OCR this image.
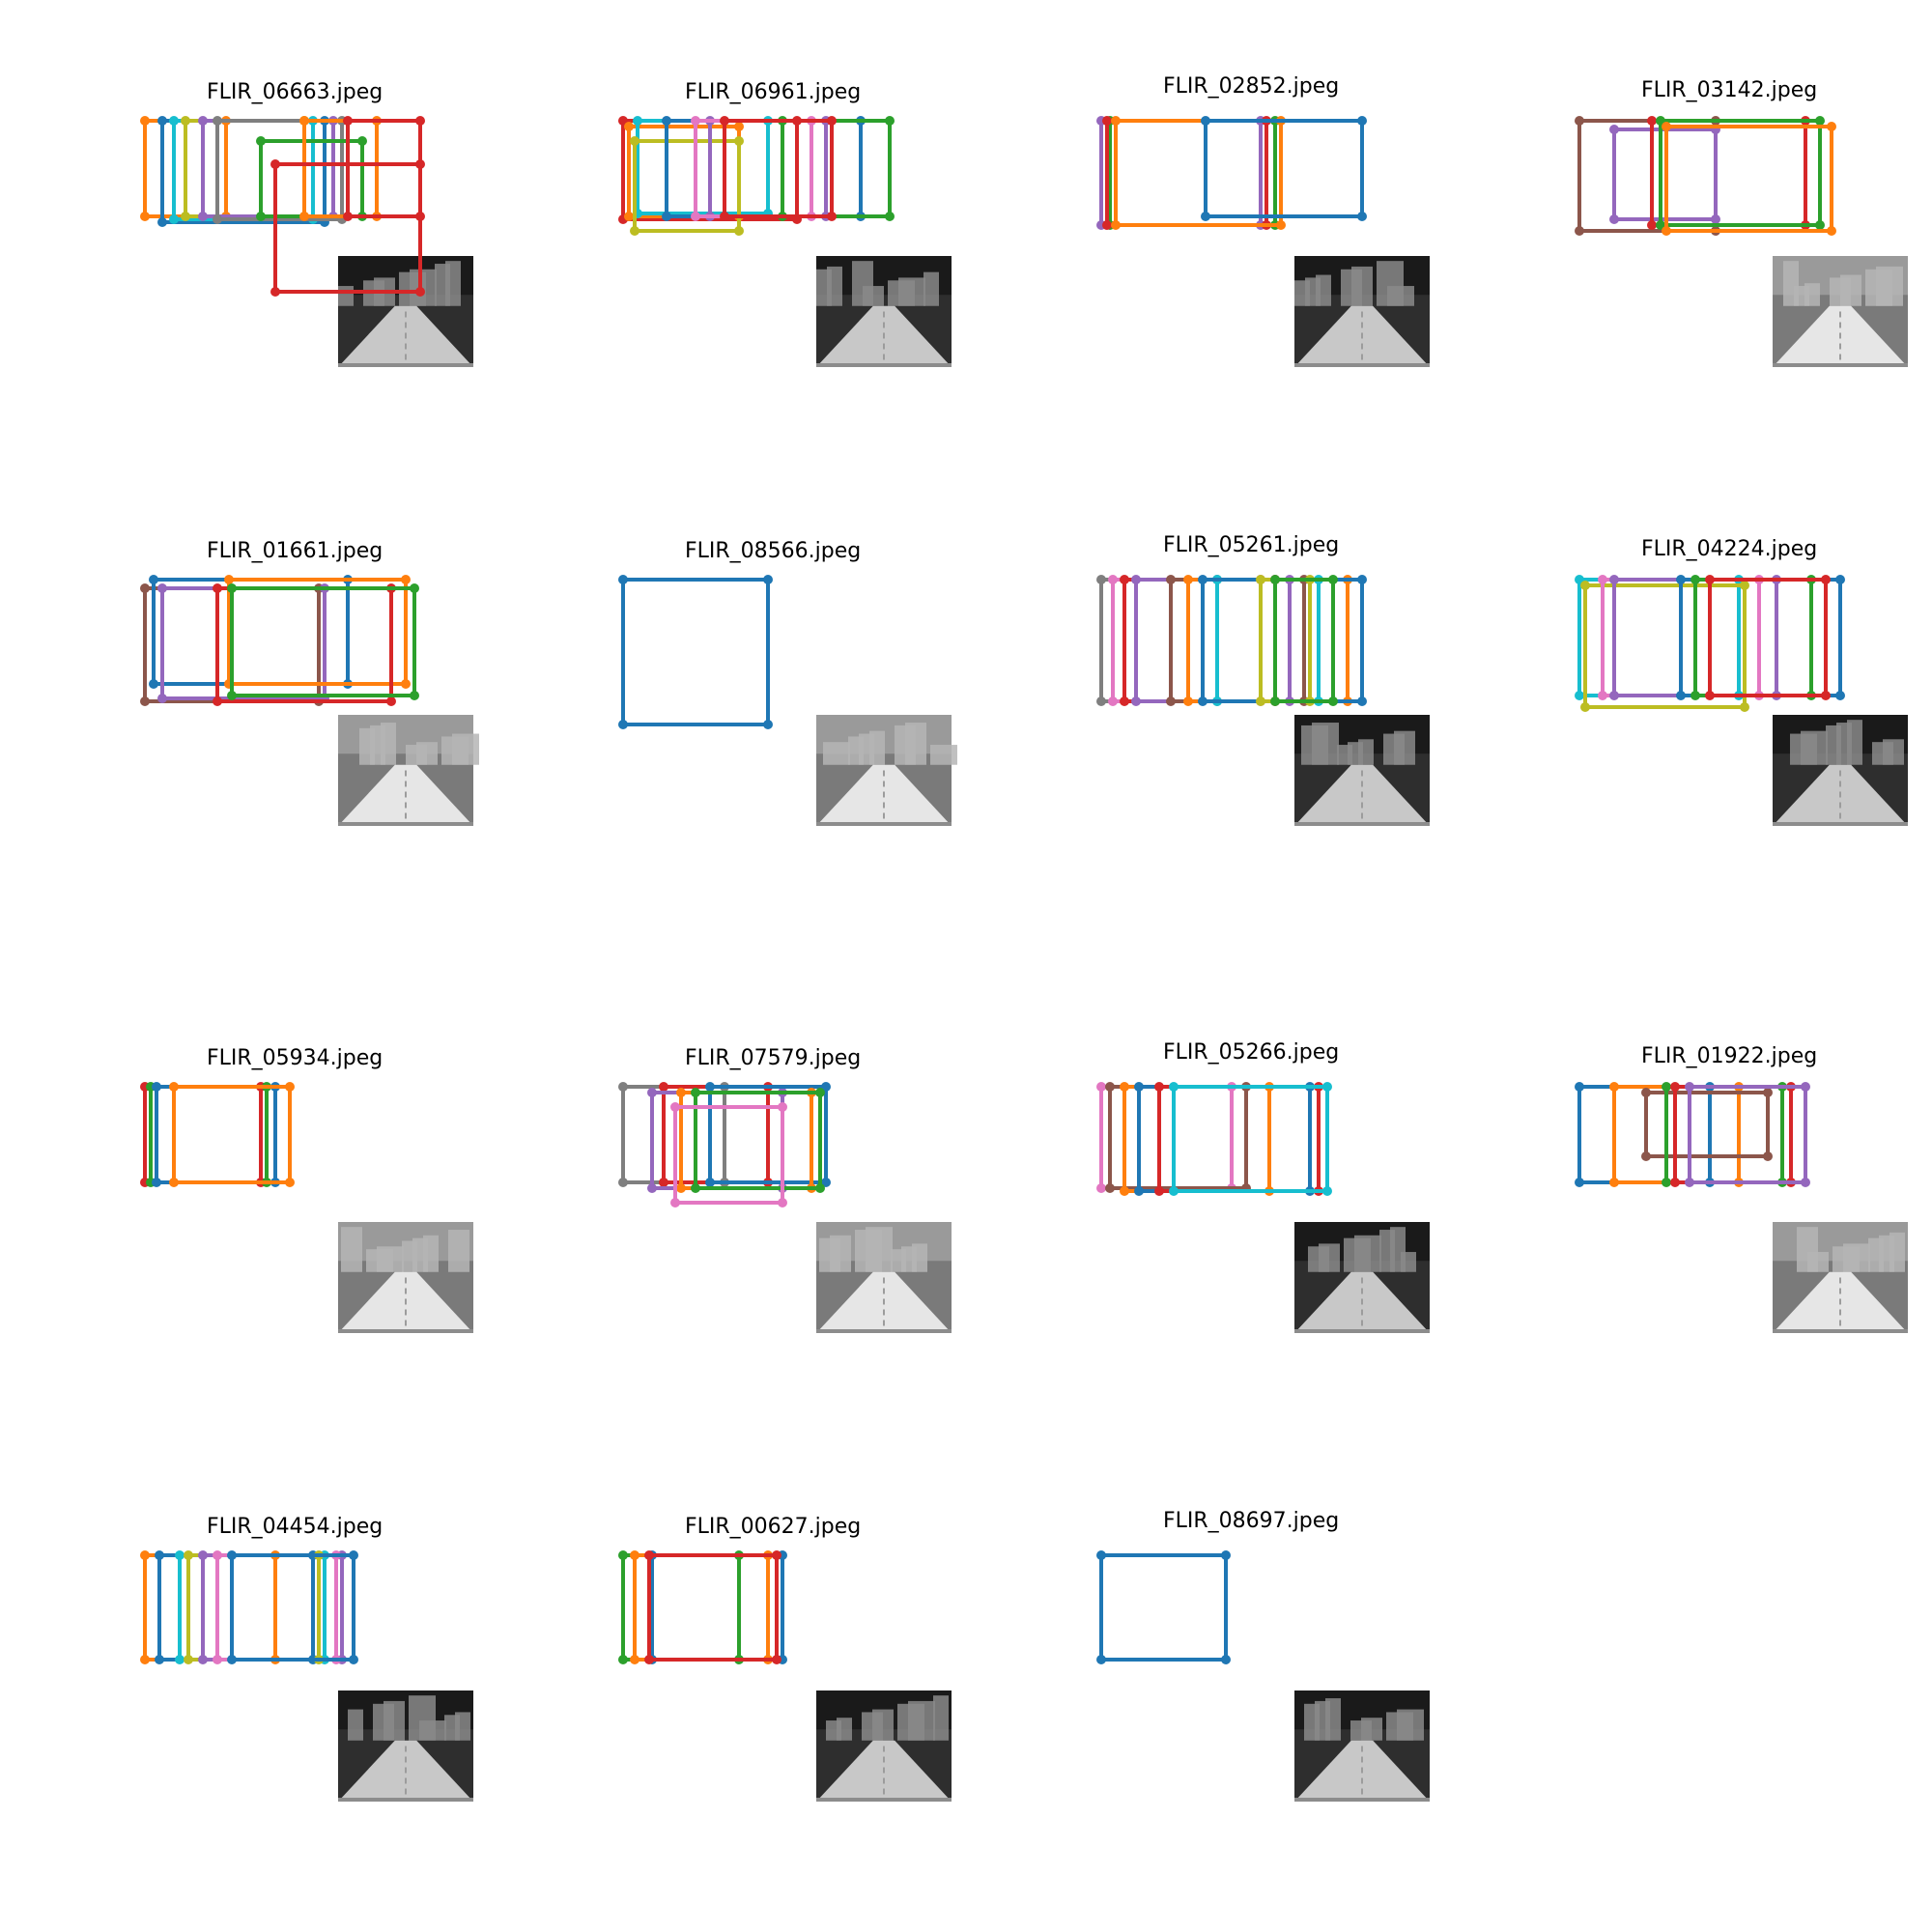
FLIR_06663.jpeg	FLIR_06961.jpeg	FLIR_02852.jpeg	FLIR_03142.jpeg
FLIR_01661.jpeg	FLIR_08566.jpeg	FLIR_05261.jpeg	FLIR_04224.jpeg
FLIR_05934.jpeg	FLIR_07579.jpeg	FLIR_05266.jpeg	FLIR_01922.jpeg
FLIR_04454.jpeg	FLIR_00627.jpeg	FLIR_08697.jpeg
